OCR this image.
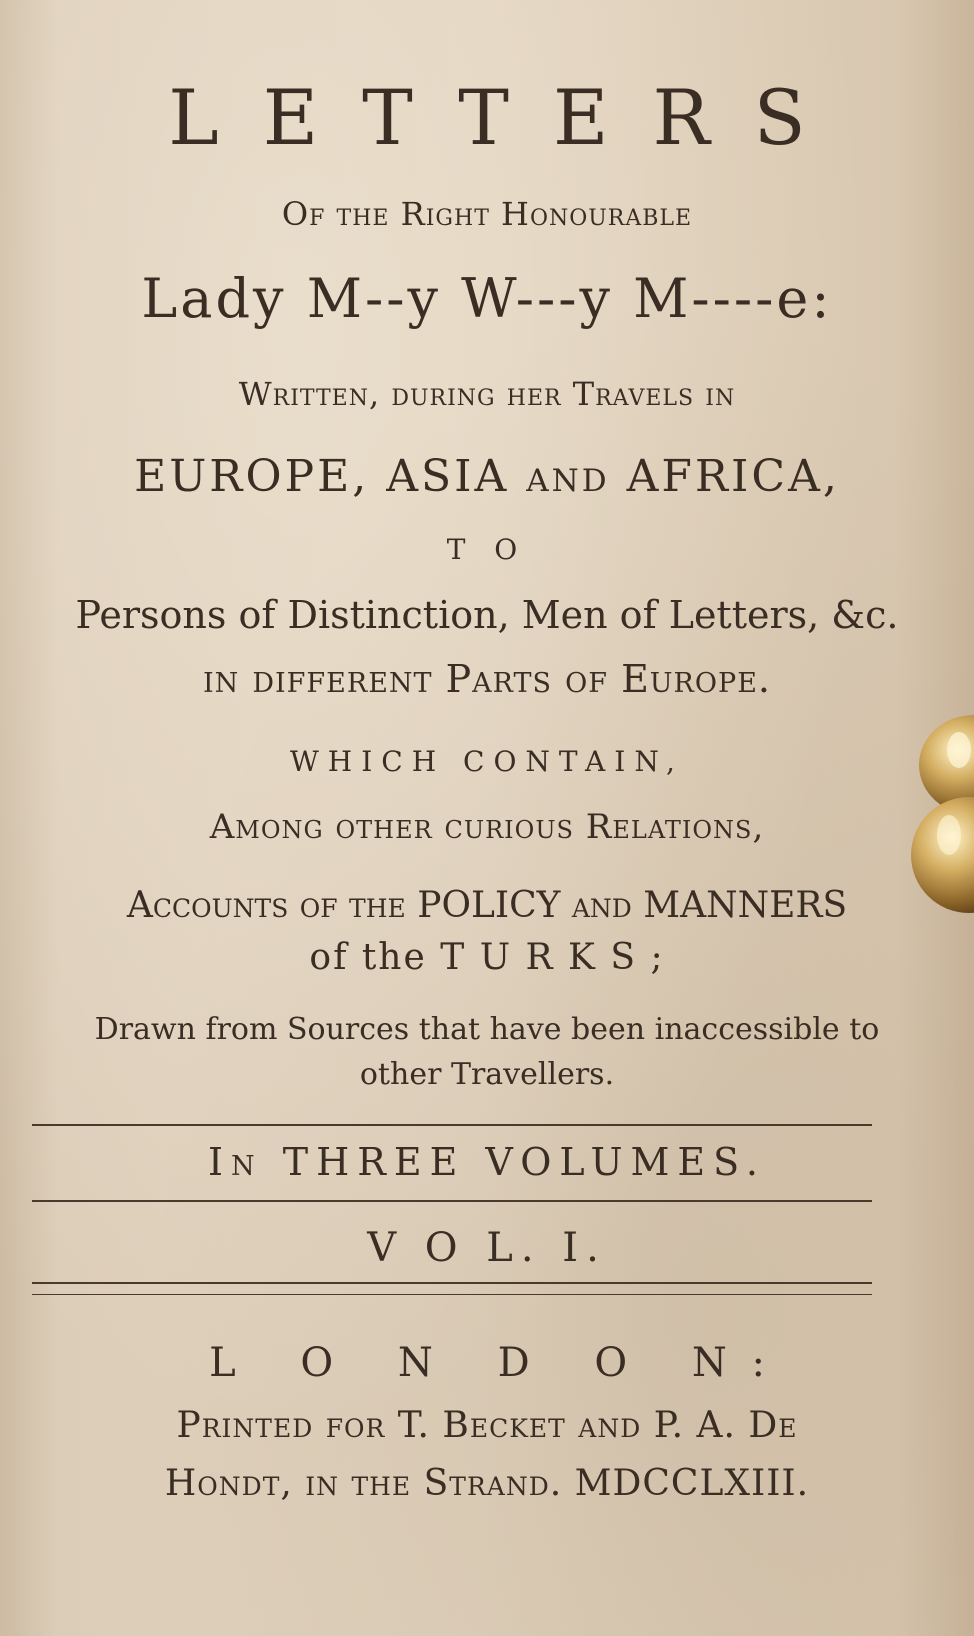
LETTERS
Of the Right Honourable
Lady M--y W---y M----e:
Written, during her Travels in
EUROPE, ASIA and AFRICA,
T O
Persons of Distinction, Men of Letters, &c.
in different Parts of Europe.
WHICH CONTAIN,
Among other curious Relations,
Accounts of the POLICY and MANNERS
of the T U R K S ;
Drawn from Sources that have been inaccessible to
other Travellers.
In THREE VOLUMES.
V O L. I.
L O N D O N:
Printed for T. Becket and P. A. De
Hondt, in the Strand. MDCCLXIII.
